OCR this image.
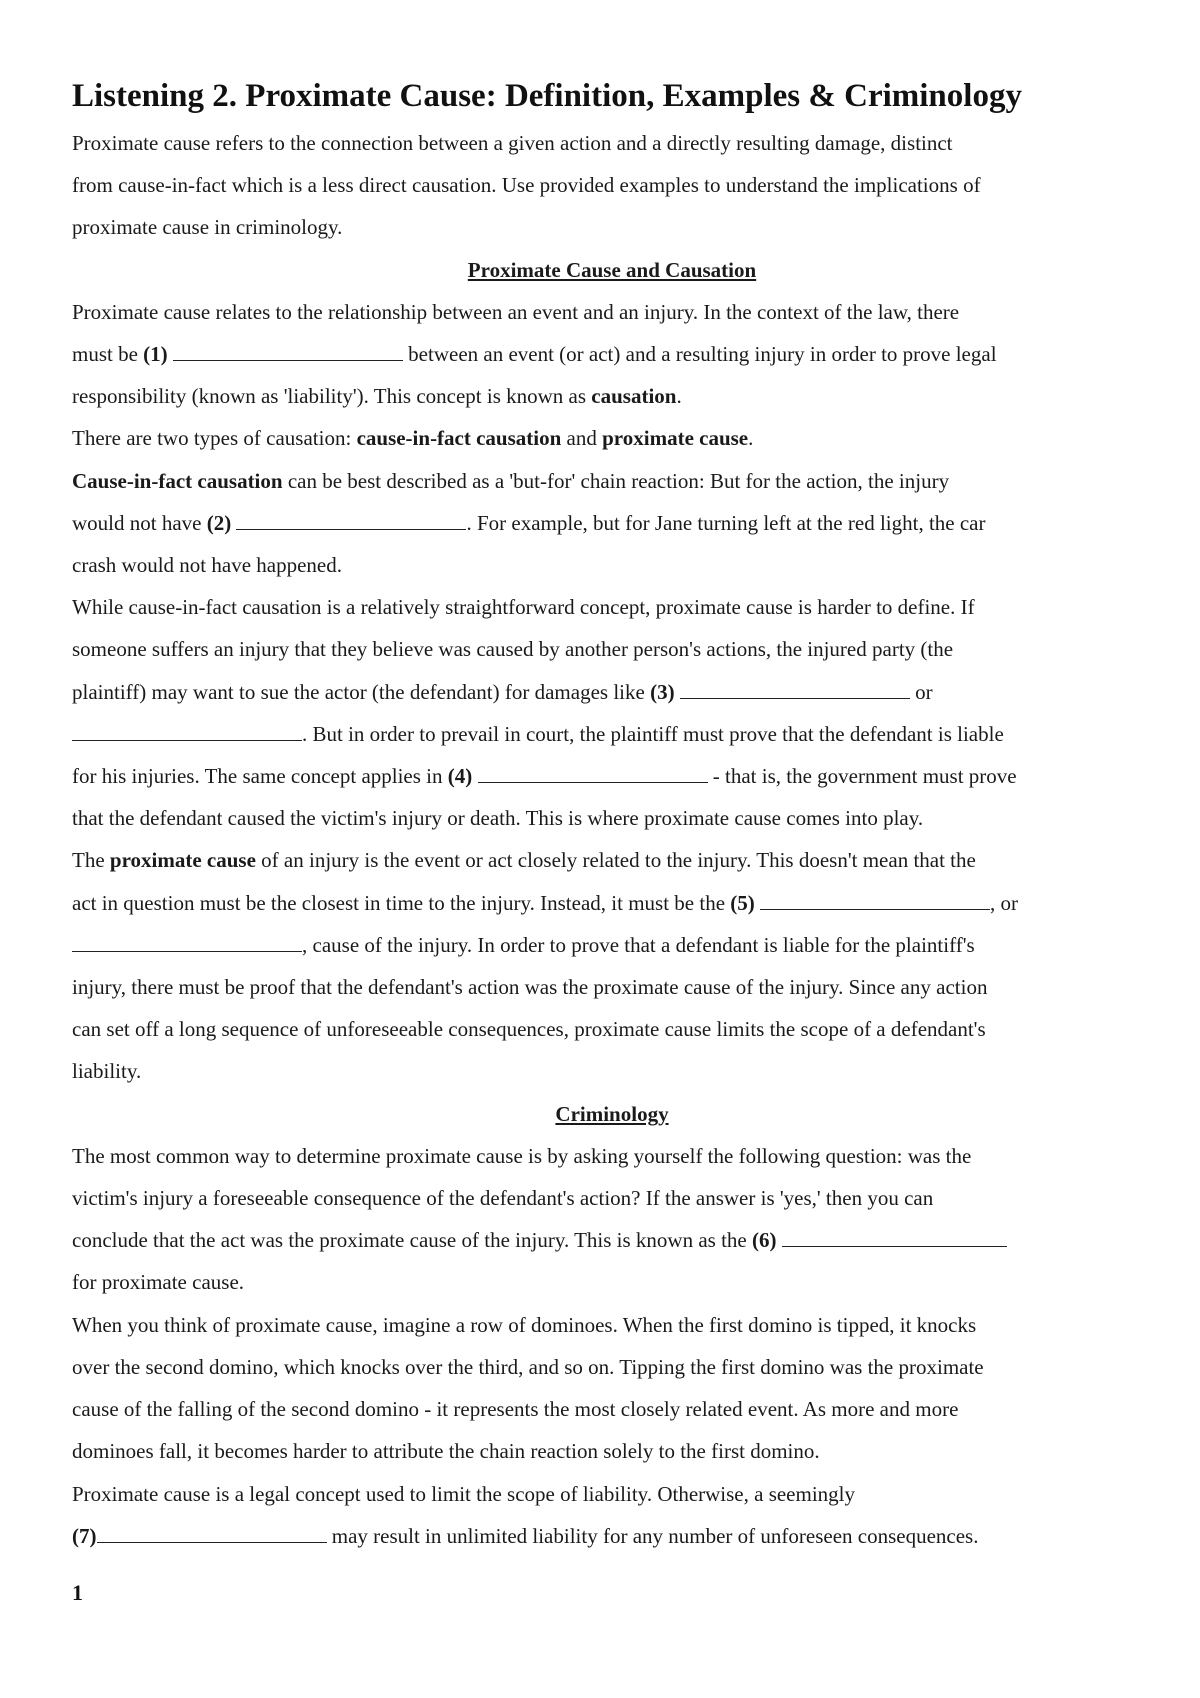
Listening 2. Proximate Cause: Definition, Examples & Criminology

Proximate cause refers to the connection between a given action and a directly resulting damage, distinct
from cause-in-fact which is a less direct causation. Use provided examples to understand the implications of
proximate cause in criminology.

Proximate Cause and Causation

Proximate cause relates to the relationship between an event and an injury. In the context of the law, there
must be (1)	between an event (or act) and a resulting injury in order to prove legal
responsibility (known as 'liability'). This concept is known as causation.

There are two types of causation: cause-in-fact causation and proximate cause.

Cause-in-fact causation can be best described as a 'but-for' chain reaction: But for the action, the injury
would not have (2)	. For example, but for Jane turning left at the red light, the car
crash would not have happened.

While cause-in-fact causation is a relatively straightforward concept, proximate cause is harder to define. If
someone suffers an injury that they believe was caused by another person's actions, the injured party (the
plaintiff) may want to sue the actor (the defendant) for damages like (3)	or
. But in order to prevail in court, the plaintiff must prove that the defendant is liable
for his injuries. The same concept applies in (4)	- that is, the government must prove
that the defendant caused the victim's injury or death. This is where proximate cause comes into play.

The proximate cause of an injury is the event or act closely related to the injury. This doesn't mean that the
act in question must be the closest in time to the injury. Instead, it must be the (5)	, or
, cause of the injury. In order to prove that a defendant is liable for the plaintiff's
injury, there must be proof that the defendant's action was the proximate cause of the injury. Since any action
can set off a long sequence of unforeseeable consequences, proximate cause limits the scope of a defendant's
liability.

Criminology

The most common way to determine proximate cause is by asking yourself the following question: was the
victim's injury a foreseeable consequence of the defendant's action? If the answer is 'yes,' then you can
conclude that the act was the proximate cause of the injury. This is known as the (6)
for proximate cause.

When you think of proximate cause, imagine a row of dominoes. When the first domino is tipped, it knocks
over the second domino, which knocks over the third, and so on. Tipping the first domino was the proximate
cause of the falling of the second domino - it represents the most closely related event. As more and more
dominoes fall, it becomes harder to attribute the chain reaction solely to the first domino.

Proximate cause is a legal concept used to limit the scope of liability. Otherwise, a seemingly
(7)	may result in unlimited liability for any number of unforeseen consequences.

1
